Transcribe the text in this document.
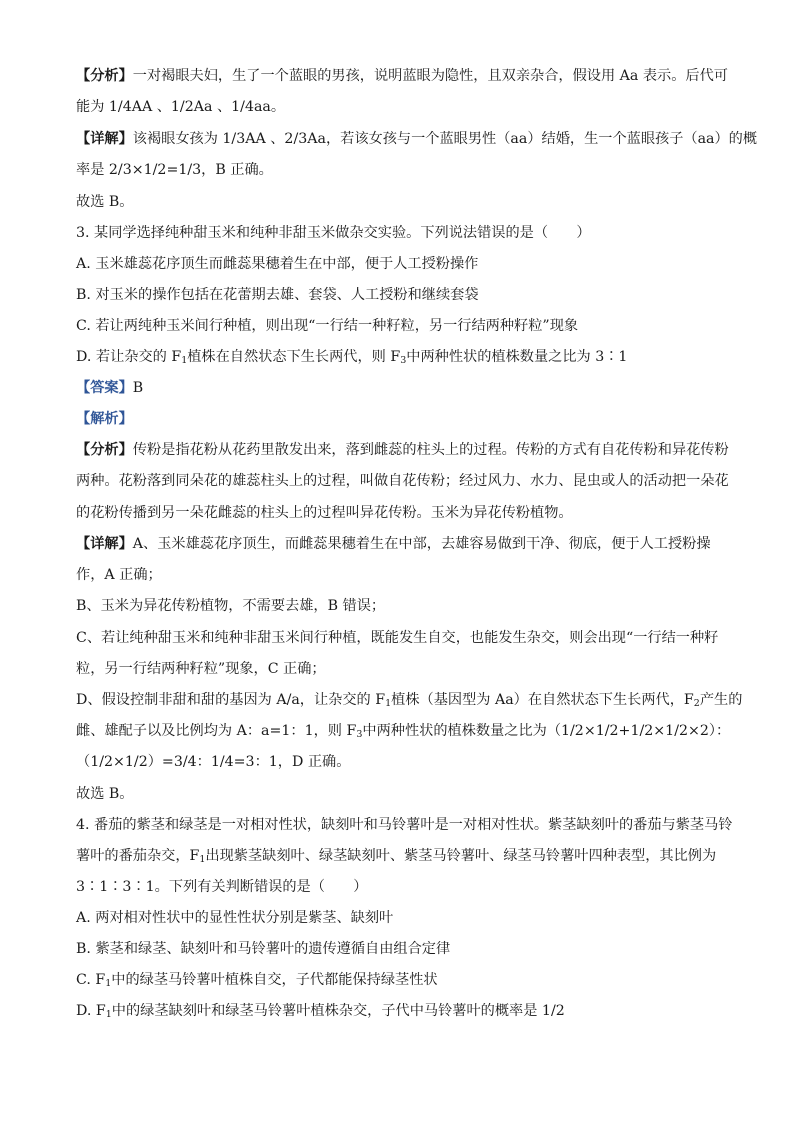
【分析】一对褐眼夫妇，生了一个蓝眼的男孩，说明蓝眼为隐性，且双亲杂合，假设用 Aa 表示。后代可

能为 1/4AA 、1/2Aa 、1/4aa。

【详解】该褐眼女孩为 1/3AA 、2/3Aa，若该女孩与一个蓝眼男性（aa）结婚，生一个蓝眼孩子（aa）的概

率是 2/3×1/2=1/3，B 正确。

故选 B。

3. 某同学选择纯种甜玉米和纯种非甜玉米做杂交实验。下列说法错误的是（　　）

A. 玉米雄蕊花序顶生而雌蕊果穗着生在中部，便于人工授粉操作

B. 对玉米的操作包括在花蕾期去雄、套袋、人工授粉和继续套袋

C. 若让两纯种玉米间行种植，则出现“一行结一种籽粒，另一行结两种籽粒”现象

D. 若让杂交的 $F_1$植株在自然状态下生长两代，则 $F_3$中两种性状的植株数量之比为 3∶1

【答案】B

【解析】

【分析】传粉是指花粉从花药里散发出来，落到雌蕊的柱头上的过程。传粉的方式有自花传粉和异花传粉

两种。花粉落到同朵花的雄蕊柱头上的过程，叫做自花传粉；经过风力、水力、昆虫或人的活动把一朵花

的花粉传播到另一朵花雌蕊的柱头上的过程叫异花传粉。玉米为异花传粉植物。

【详解】A、玉米雄蕊花序顶生，而雌蕊果穗着生在中部，去雄容易做到干净、彻底，便于人工授粉操

作，A 正确；

B、玉米为异花传粉植物，不需要去雄，B 错误；

C、若让纯种甜玉米和纯种非甜玉米间行种植，既能发生自交，也能发生杂交，则会出现“一行结一种籽

粒，另一行结两种籽粒”现象，C 正确；

D、假设控制非甜和甜的基因为 A/a，让杂交的 $F_1$植株（基因型为 Aa）在自然状态下生长两代，$F_2$产生的

雌、雄配子以及比例均为 A：a=1：1，则 $F_3$中两种性状的植株数量之比为（1/2×1/2+1/2×1/2×2）：

（1/2×1/2）=3/4：1/4=3：1，D 正确。

故选 B。

4. 番茄的紫茎和绿茎是一对相对性状，缺刻叶和马铃薯叶是一对相对性状。紫茎缺刻叶的番茄与紫茎马铃

薯叶的番茄杂交，$F_1$出现紫茎缺刻叶、绿茎缺刻叶、紫茎马铃薯叶、绿茎马铃薯叶四种表型，其比例为

3∶1∶3∶1。下列有关判断错误的是（　　）

A. 两对相对性状中的显性性状分别是紫茎、缺刻叶

B. 紫茎和绿茎、缺刻叶和马铃薯叶的遗传遵循自由组合定律

C. $F_1$中的绿茎马铃薯叶植株自交，子代都能保持绿茎性状

D. $F_1$中的绿茎缺刻叶和绿茎马铃薯叶植株杂交，子代中马铃薯叶的概率是 1/2
